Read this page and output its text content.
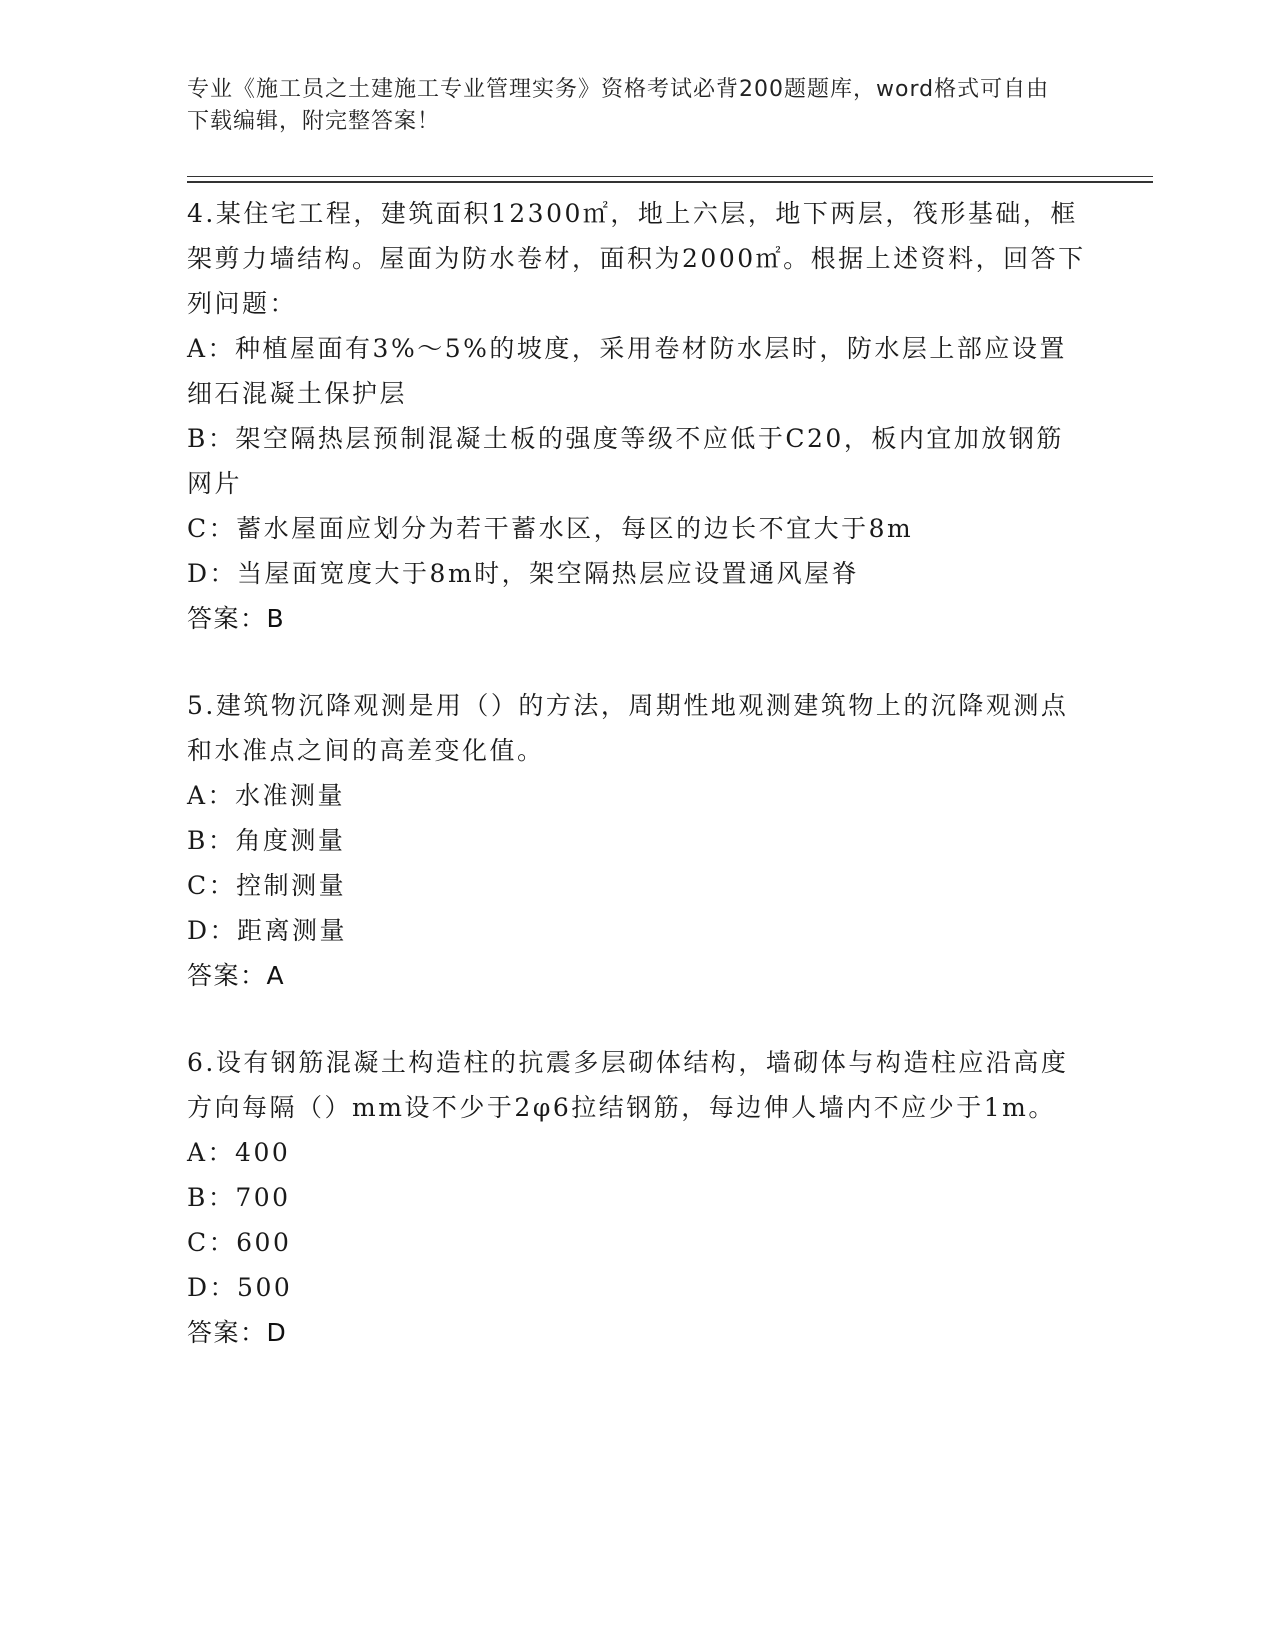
专业《施工员之土建施工专业管理实务》资格考试必背200题题库，word格式可自由下载编辑，附完整答案！

4.某住宅工程，建筑面积12300㎡，地上六层，地下两层，筏形基础，框架剪力墙结构。屋面为防水卷材，面积为2000㎡。根据上述资料，回答下列问题：

A：种植屋面有3%～5%的坡度，采用卷材防水层时，防水层上部应设置细石混凝土保护层

B：架空隔热层预制混凝土板的强度等级不应低于C20，板内宜加放钢筋网片

C：蓄水屋面应划分为若干蓄水区，每区的边长不宜大于8m

D：当屋面宽度大于8m时，架空隔热层应设置通风屋脊

答案：B

5.建筑物沉降观测是用（）的方法，周期性地观测建筑物上的沉降观测点和水准点之间的高差变化值。

A：水准测量

B：角度测量

C：控制测量

D：距离测量

答案：A

6.设有钢筋混凝土构造柱的抗震多层砌体结构，墙砌体与构造柱应沿高度方向每隔（）mm设不少于2φ6拉结钢筋，每边伸人墙内不应少于1m。

A：400

B：700

C：600

D：500

答案：D
